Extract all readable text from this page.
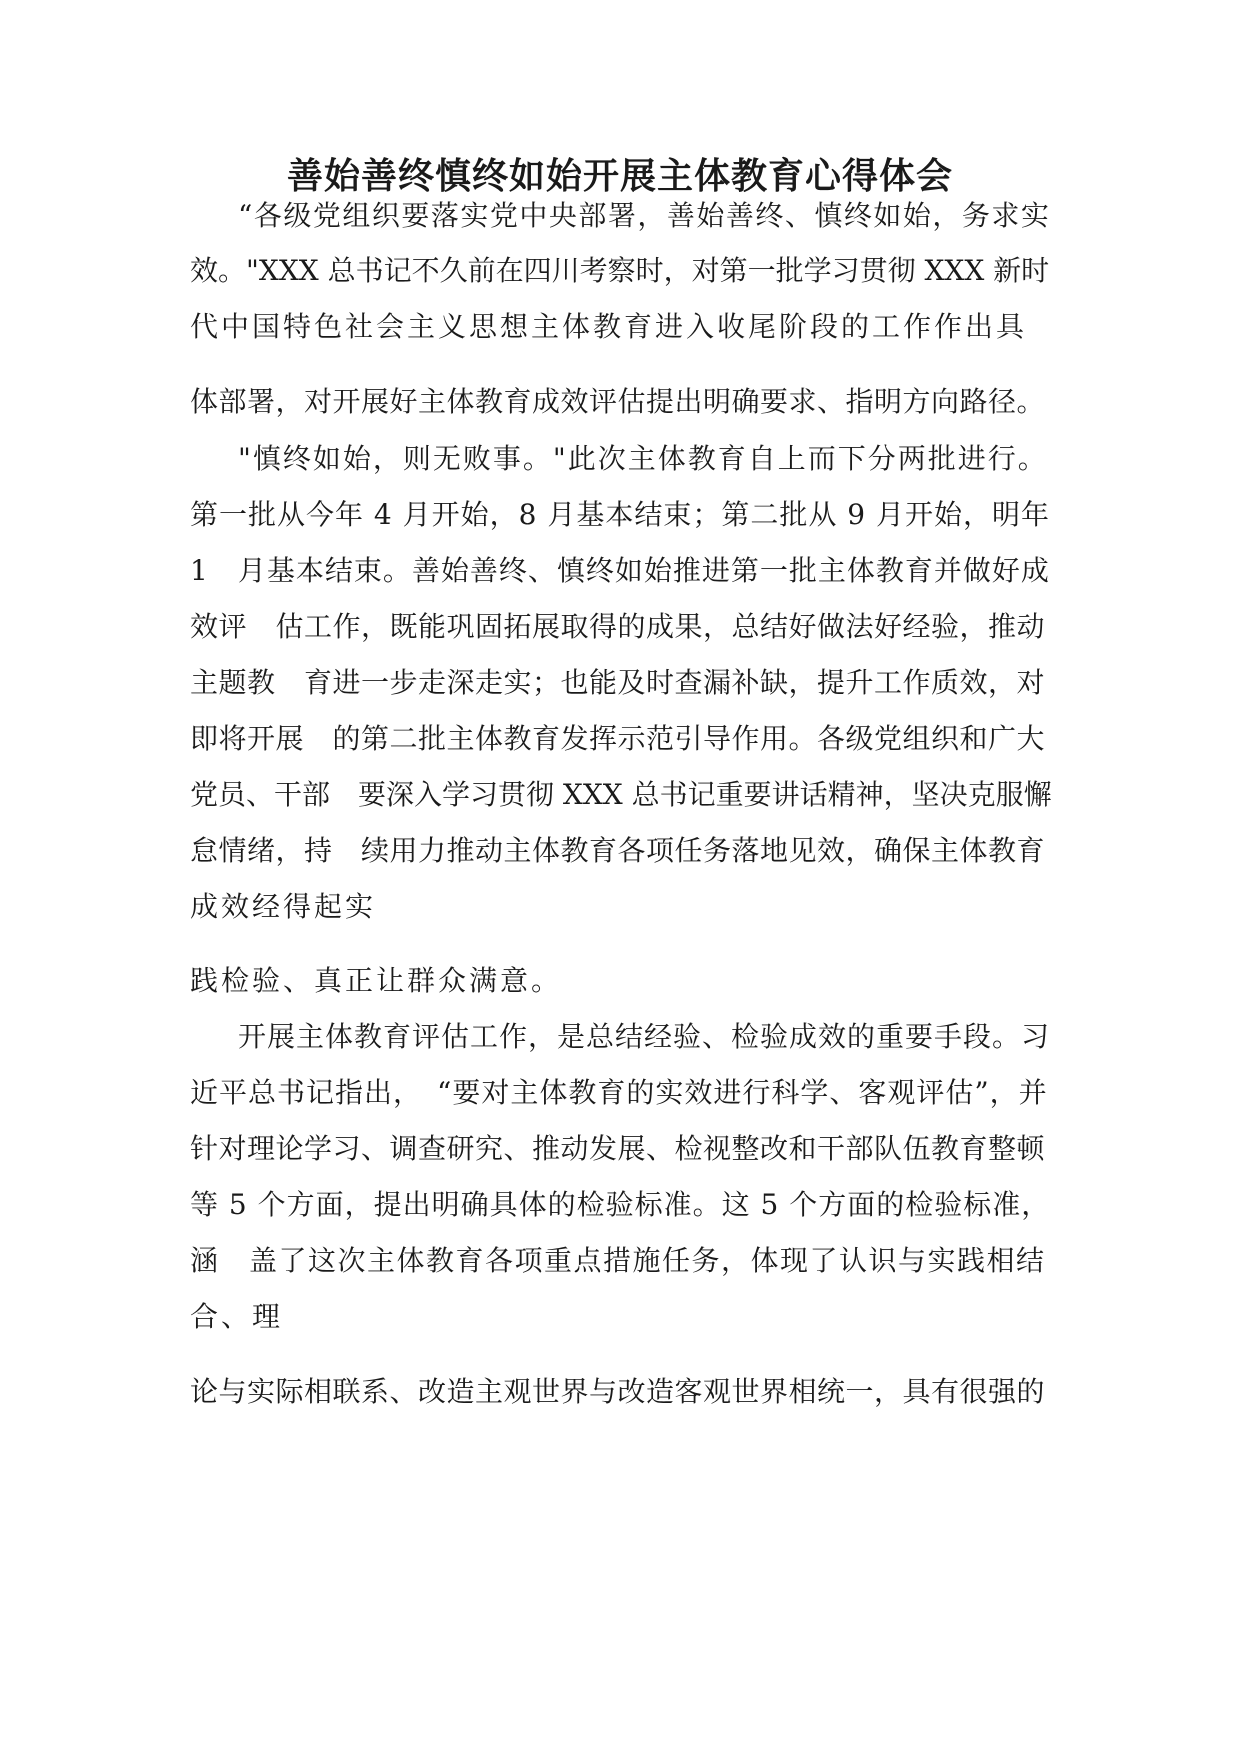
善始善终慎终如始开展主体教育心得体会
“各级党组织要落实党中央部署，善始善终、慎终如始，务求实
效。"XXX 总书记不久前在四川考察时，对第一批学习贯彻 XXX 新时
代中国特色社会主义思想主体教育进入收尾阶段的工作作出具
体部署，对开展好主体教育成效评估提出明确要求、指明方向路径。
"慎终如始，则无败事。"此次主体教育自上而下分两批进行。
第一批从今年 4 月开始，8 月基本结束；第二批从 9 月开始，明年
1　月基本结束。善始善终、慎终如始推进第一批主体教育并做好成
效评　估工作，既能巩固拓展取得的成果，总结好做法好经验，推动
主题教　育进一步走深走实；也能及时查漏补缺，提升工作质效，对
即将开展　的第二批主体教育发挥示范引导作用。各级党组织和广大
党员、干部　要深入学习贯彻 XXX 总书记重要讲话精神，坚决克服懈
怠情绪，持　续用力推动主体教育各项任务落地见效，确保主体教育
成效经得起实
践检验、真正让群众满意。
开展主体教育评估工作，是总结经验、检验成效的重要手段。习
近平总书记指出，　“要对主体教育的实效进行科学、客观评估”，并
针对理论学习、调查研究、推动发展、检视整改和干部队伍教育整顿
等 5 个方面，提出明确具体的检验标准。这 5 个方面的检验标准，
涵　盖了这次主体教育各项重点措施任务，体现了认识与实践相结
合、理
论与实际相联系、改造主观世界与改造客观世界相统一，具有很强的
